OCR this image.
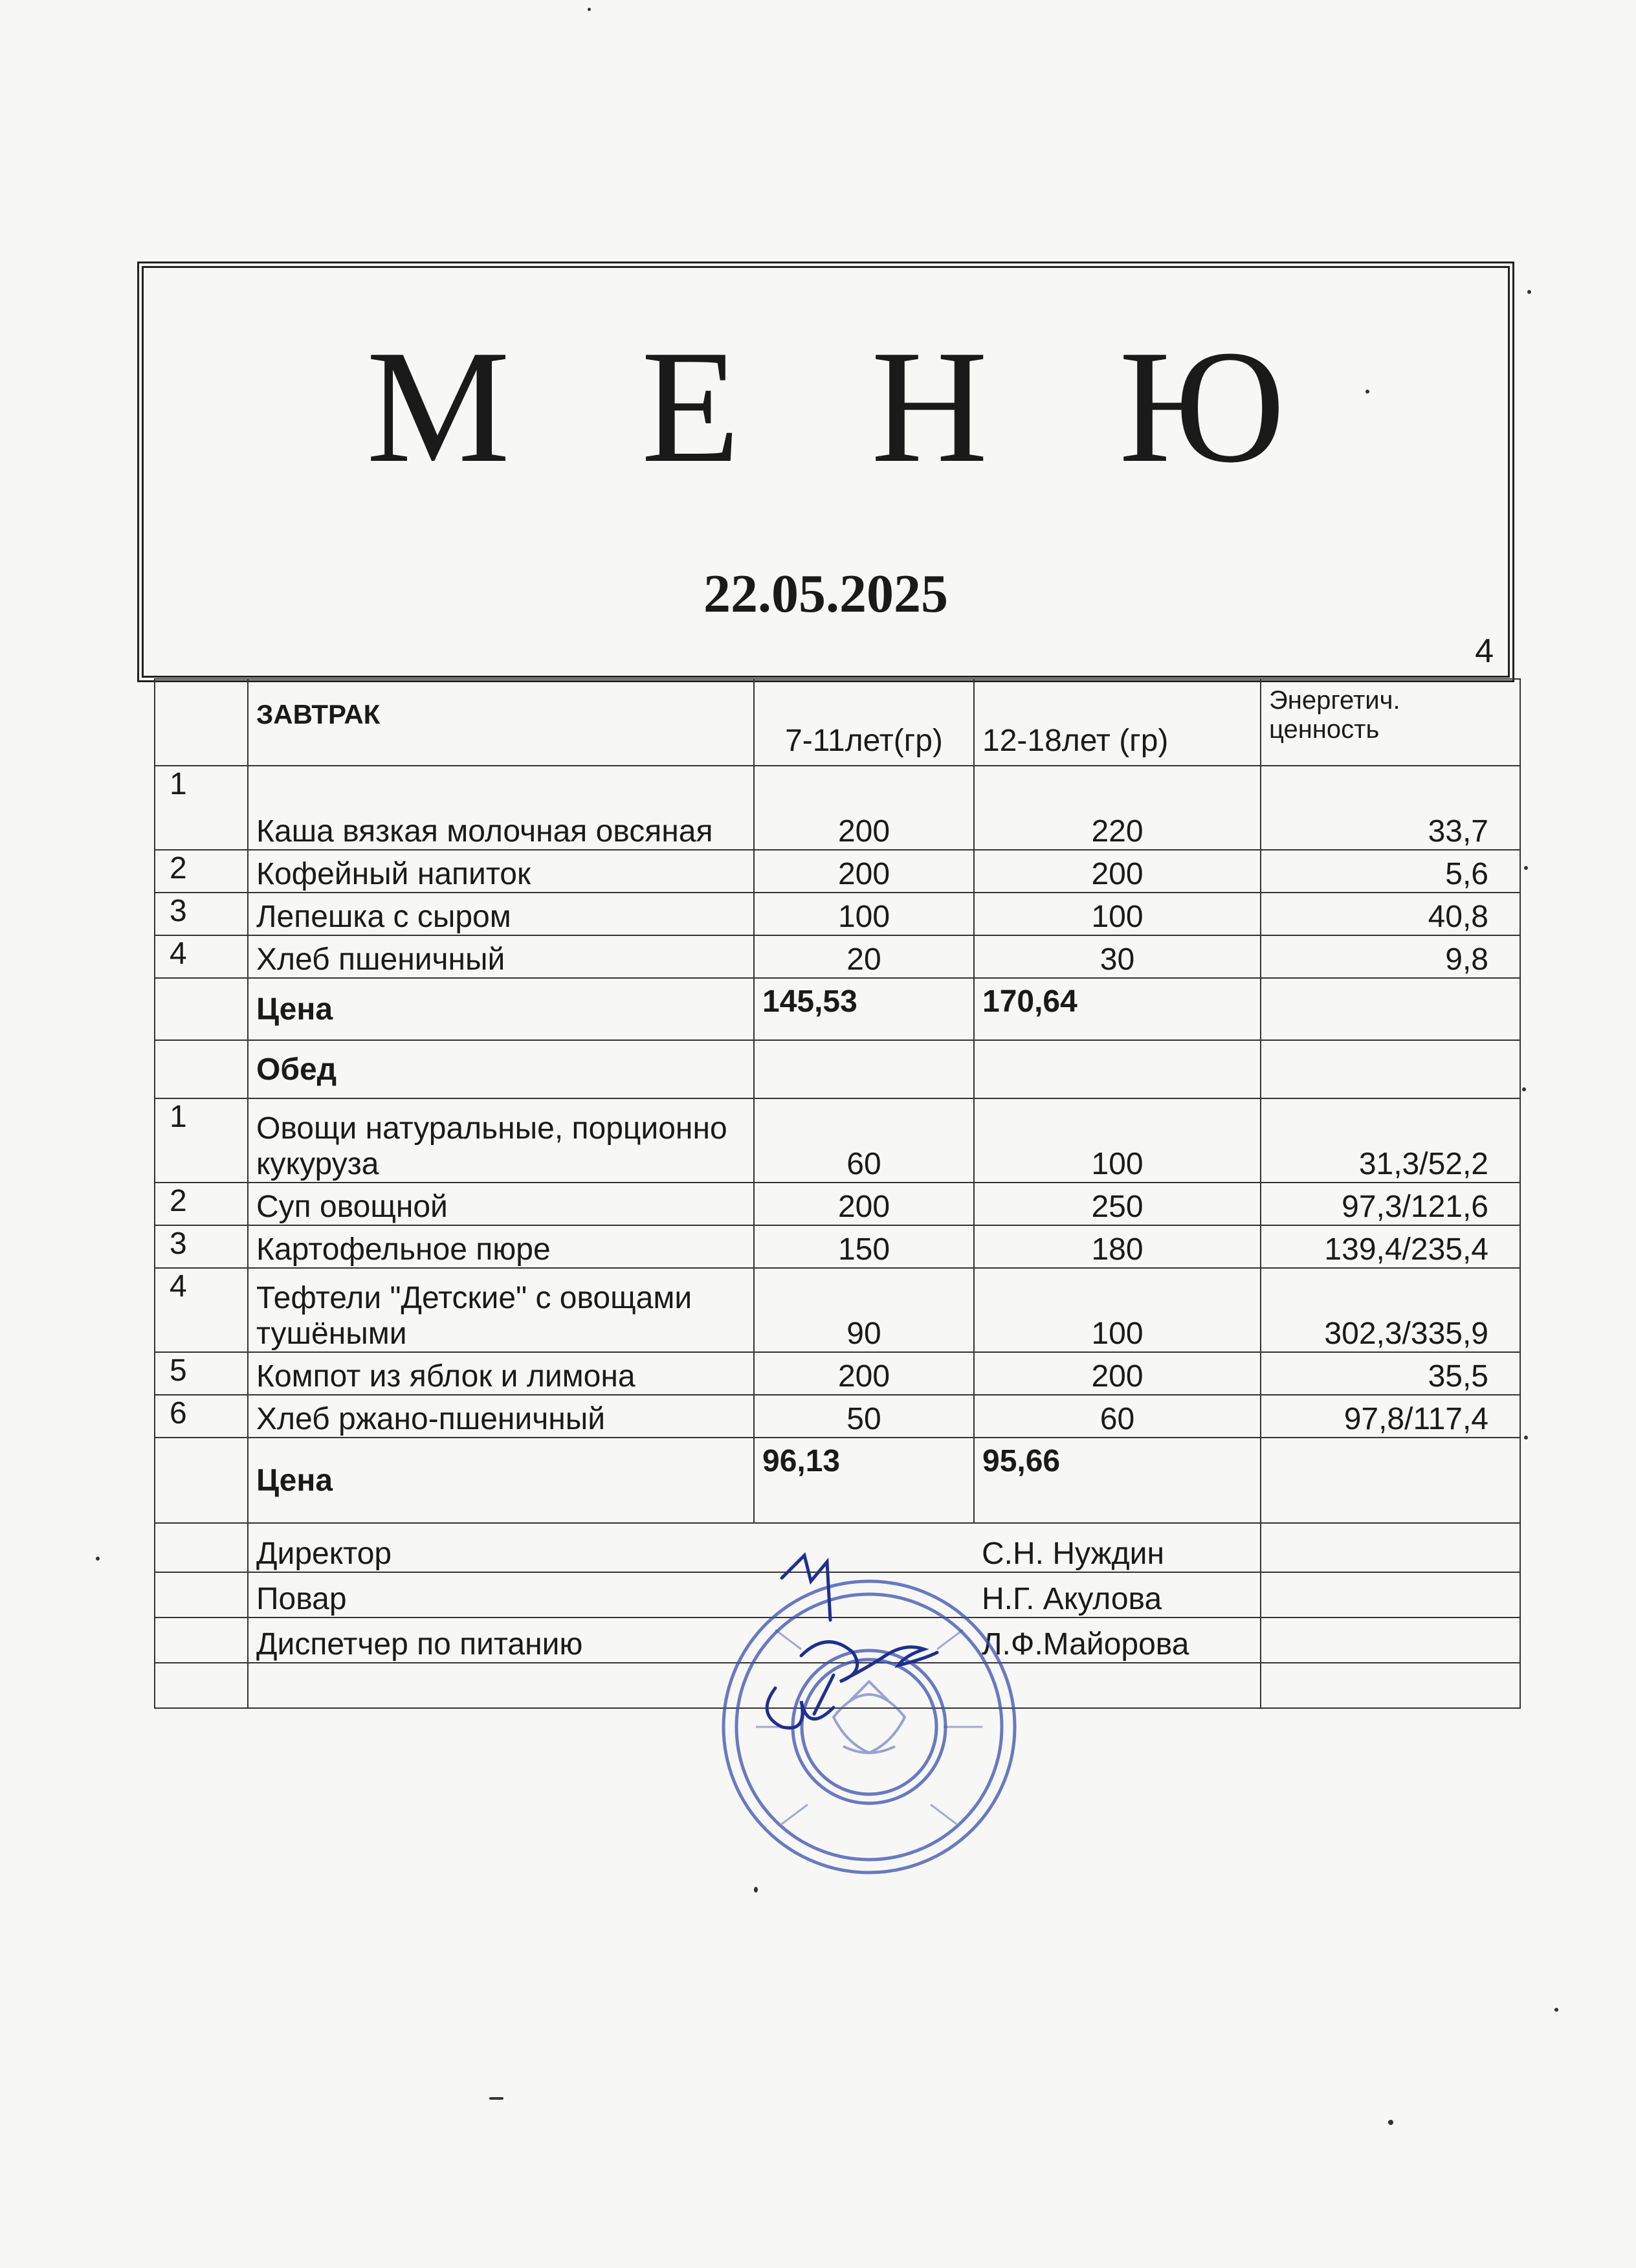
М Е Н Ю
22.05.2025
4
	ЗАВТРАК	7-11лет(гр)	12-18лет (гр)	Энергетич. ценность
1	Каша вязкая молочная овсяная	200	220	33,7
2	Кофейный напиток	200	200	5,6
3	Лепешка с сыром	100	100	40,8
4	Хлеб пшеничный	20	30	9,8
	Цена	145,53	170,64	
	Обед			
1	Овощи натуральные, порционно кукуруза	60	100	31,3/52,2
2	Суп овощной	200	250	97,3/121,6
3	Картофельное пюре	150	180	139,4/235,4
4	Тефтели "Детские" с овощами тушёными	90	100	302,3/335,9
5	Компот из яблок и лимона	200	200	35,5
6	Хлеб ржано-пшеничный	50	60	97,8/117,4
	Цена	96,13	95,66	
	Директор		С.Н. Нуждин	
	Повар		Н.Г. Акулова	
	Диспетчер по питанию		Л.Ф.Майорова	
